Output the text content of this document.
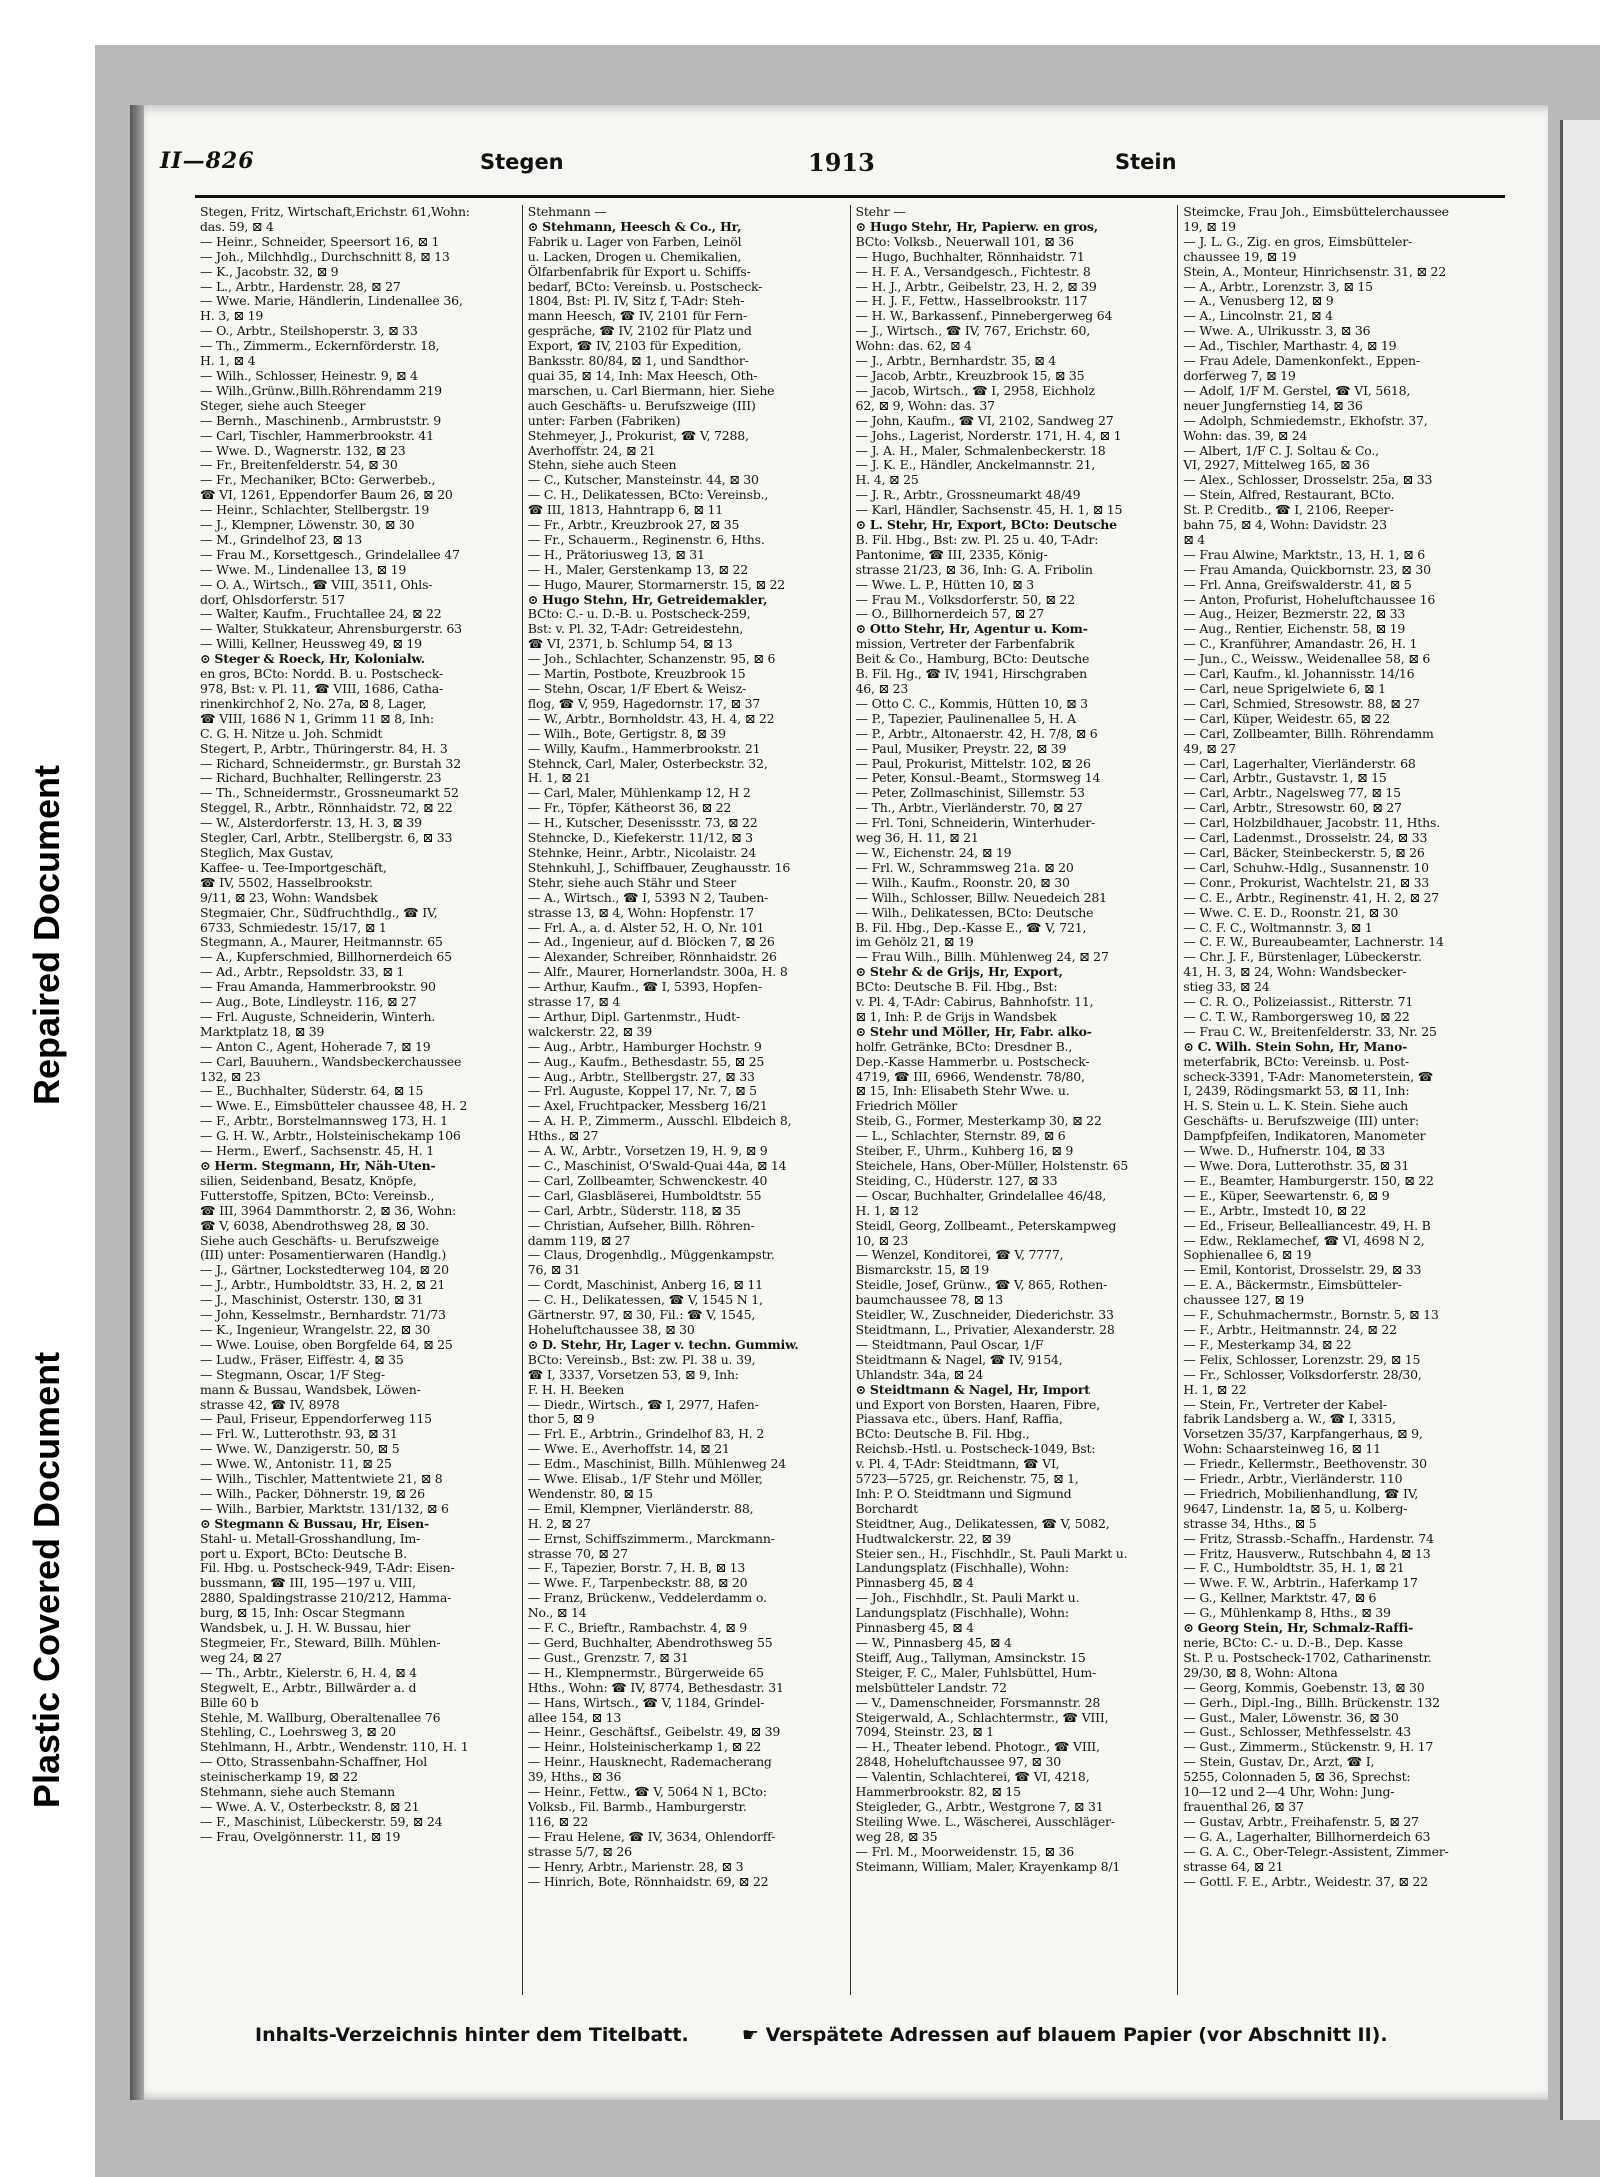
Repaired Document
Plastic Covered Document
II—826	Stegen	1913	Stein
Stegen, Fritz, Wirtschaft,Erichstr. 61,Wohn:
das. 59, ⊠ 4
— Heinr., Schneider, Speersort 16, ⊠ 1
— Joh., Milchhdlg., Durchschnitt 8, ⊠ 13
— K., Jacobstr. 32, ⊠ 9
— L., Arbtr., Hardenstr. 28, ⊠ 27
— Wwe. Marie, Händlerin, Lindenallee 36,
H. 3, ⊠ 19
— O., Arbtr., Steilshoperstr. 3, ⊠ 33
— Th., Zimmerm., Eckernförderstr. 18,
H. 1, ⊠ 4
— Wilh., Schlosser, Heinestr. 9, ⊠ 4
— Wilh.,Grünw.,Billh.Röhrendamm 219
Steger, siehe auch Steeger
— Bernh., Maschinenb., Armbruststr. 9
— Carl, Tischler, Hammerbrookstr. 41
— Wwe. D., Wagnerstr. 132, ⊠ 23
— Fr., Breitenfelderstr. 54, ⊠ 30
— Fr., Mechaniker, BCto: Gerwerbeb.,
☎ VI, 1261, Eppendorfer Baum 26, ⊠ 20
— Heinr., Schlachter, Stellbergstr. 19
— J., Klempner, Löwenstr. 30, ⊠ 30
— M., Grindelhof 23, ⊠ 13
— Frau M., Korsettgesch., Grindelallee 47
— Wwe. M., Lindenallee 13, ⊠ 19
— O. A., Wirtsch., ☎ VIII, 3511, Ohls-
dorf, Ohlsdorferstr. 517
— Walter, Kaufm., Fruchtallee 24, ⊠ 22
— Walter, Stukkateur, Ahrensburgerstr. 63
— Willi, Kellner, Heussweg 49, ⊠ 19
⊙ Steger & Roeck, Hr, Kolonialw.
en gros, BCto: Nordd. B. u. Postscheck-
978, Bst: v. Pl. 11, ☎ VIII, 1686, Catha-
rinenkirchhof 2, No. 27a, ⊠ 8, Lager,
☎ VIII, 1686 N 1, Grimm 11 ⊠ 8, Inh:
C. G. H. Nitze u. Joh. Schmidt
Stegert, P., Arbtr., Thüringerstr. 84, H. 3
— Richard, Schneidermstr., gr. Burstah 32
— Richard, Buchhalter, Rellingerstr. 23
— Th., Schneidermstr., Grossneumarkt 52
Steggel, R., Arbtr., Rönnhaidstr. 72, ⊠ 22
— W., Alsterdorferstr. 13, H. 3, ⊠ 39
Stegler, Carl, Arbtr., Stellbergstr. 6, ⊠ 33
Steglich, Max Gustav,
Kaffee- u. Tee-Importgeschäft,
☎ IV, 5502, Hasselbrookstr.
9/11, ⊠ 23, Wohn: Wandsbek
Stegmaier, Chr., Südfruchthdlg., ☎ IV,
6733, Schmiedestr. 15/17, ⊠ 1
Stegmann, A., Maurer, Heitmannstr. 65
— A., Kupferschmied, Billhornerdeich 65
— Ad., Arbtr., Repsoldstr. 33, ⊠ 1
— Frau Amanda, Hammerbrookstr. 90
— Aug., Bote, Lindleystr. 116, ⊠ 27
— Frl. Auguste, Schneiderin, Winterh.
Marktplatz 18, ⊠ 39
— Anton C., Agent, Hoherade 7, ⊠ 19
— Carl, Bauuhern., Wandsbeckerchaussee
132, ⊠ 23
— E., Buchhalter, Süderstr. 64, ⊠ 15
— Wwe. E., Eimsbütteler chaussee 48, H. 2
— F., Arbtr., Borstelmannsweg 173, H. 1
— G. H. W., Arbtr., Holsteinischekamp 106
— Herm., Ewerf., Sachsenstr. 45, H. 1
⊙ Herm. Stegmann, Hr, Näh-Uten-
silien, Seidenband, Besatz, Knöpfe,
Futterstoffe, Spitzen, BCto: Vereinsb.,
☎ III, 3964 Dammthorstr. 2, ⊠ 36, Wohn:
☎ V, 6038, Abendrothsweg 28, ⊠ 30.
Siehe auch Geschäfts- u. Berufszweige
(III) unter: Posamentierwaren (Handlg.)
— J., Gärtner, Lockstedterweg 104, ⊠ 20
— J., Arbtr., Humboldtstr. 33, H. 2, ⊠ 21
— J., Maschinist, Osterstr. 130, ⊠ 31
— John, Kesselmstr., Bernhardstr. 71/73
— K., Ingenieur, Wrangelstr. 22, ⊠ 30
— Wwe. Louise, oben Borgfelde 64, ⊠ 25
— Ludw., Fräser, Eiffestr. 4, ⊠ 35
— Stegmann, Oscar, 1/F Steg-
mann & Bussau, Wandsbek, Löwen-
strasse 42, ☎ IV, 8978
— Paul, Friseur, Eppendorferweg 115
— Frl. W., Lutterothstr. 93, ⊠ 31
— Wwe. W., Danzigerstr. 50, ⊠ 5
— Wwe. W., Antonistr. 11, ⊠ 25
— Wilh., Tischler, Mattentwiete 21, ⊠ 8
— Wilh., Packer, Döhnerstr. 19, ⊠ 26
— Wilh., Barbier, Marktstr. 131/132, ⊠ 6
⊙ Stegmann & Bussau, Hr, Eisen-
Stahl- u. Metall-Grosshandlung, Im-
port u. Export, BCto: Deutsche B.
Fil. Hbg. u. Postscheck-949, T-Adr: Eisen-
bussmann, ☎ III, 195—197 u. VIII,
2880, Spaldingstrasse 210/212, Hamma-
burg, ⊠ 15, Inh: Oscar Stegmann
Wandsbek, u. J. H. W. Bussau, hier
Stegmeier, Fr., Steward, Billh. Mühlen-
weg 24, ⊠ 27
— Th., Arbtr., Kielerstr. 6, H. 4, ⊠ 4
Stegwelt, E., Arbtr., Billwärder a. d
Bille 60 b
Stehle, M. Wallburg, Oberaltenallee 76
Stehling, C., Loehrsweg 3, ⊠ 20
Stehlmann, H., Arbtr., Wendenstr. 110, H. 1
— Otto, Strassenbahn-Schaffner, Hol
steinischerkamp 19, ⊠ 22
Stehmann, siehe auch Stemann
— Wwe. A. V., Osterbeckstr. 8, ⊠ 21
— F., Maschinist, Lübeckerstr. 59, ⊠ 24
— Frau, Ovelgönnerstr. 11, ⊠ 19
Stehmann —
⊙ Stehmann, Heesch & Co., Hr,
Fabrik u. Lager von Farben, Leinöl
u. Lacken, Drogen u. Chemikalien,
Ölfarbenfabrik für Export u. Schiffs-
bedarf, BCto: Vereinsb. u. Postscheck-
1804, Bst: Pl. IV, Sitz f, T-Adr: Steh-
mann Heesch, ☎ IV, 2101 für Fern-
gespräche, ☎ IV, 2102 für Platz und
Export, ☎ IV, 2103 für Expedition,
Banksstr. 80/84, ⊠ 1, und Sandthor-
quai 35, ⊠ 14, Inh: Max Heesch, Oth-
marschen, u. Carl Biermann, hier. Siehe
auch Geschäfts- u. Berufszweige (III)
unter: Farben (Fabriken)
Stehmeyer, J., Prokurist, ☎ V, 7288,
Averhoffstr. 24, ⊠ 21
Stehn, siehe auch Steen
— C., Kutscher, Mansteinstr. 44, ⊠ 30
— C. H., Delikatessen, BCto: Vereinsb.,
☎ III, 1813, Hahntrapp 6, ⊠ 11
— Fr., Arbtr., Kreuzbrook 27, ⊠ 35
— Fr., Schauerm., Reginenstr. 6, Hths.
— H., Prätoriusweg 13, ⊠ 31
— H., Maler, Gerstenkamp 13, ⊠ 22
— Hugo, Maurer, Stormarnerstr. 15, ⊠ 22
⊙ Hugo Stehn, Hr, Getreidemakler,
BCto: C.- u. D.-B. u. Postscheck-259,
Bst: v. Pl. 32, T-Adr: Getreidestehn,
☎ VI, 2371, b. Schlump 54, ⊠ 13
— Joh., Schlachter, Schanzenstr. 95, ⊠ 6
— Martin, Postbote, Kreuzbrook 15
— Stehn, Oscar, 1/F Ebert & Weisz-
flog, ☎ V, 959, Hagedornstr. 17, ⊠ 37
— W., Arbtr., Bornholdstr. 43, H. 4, ⊠ 22
— Wilh., Bote, Gertigstr. 8, ⊠ 39
— Willy, Kaufm., Hammerbrookstr. 21
Stehnck, Carl, Maler, Osterbeckstr. 32,
H. 1, ⊠ 21
— Carl, Maler, Mühlenkamp 12, H 2
— Fr., Töpfer, Kätheorst 36, ⊠ 22
— H., Kutscher, Desenissstr. 73, ⊠ 22
Stehncke, D., Kiefekerstr. 11/12, ⊠ 3
Stehnke, Heinr., Arbtr., Nicolaistr. 24
Stehnkuhl, J., Schiffbauer, Zeughausstr. 16
Stehr, siehe auch Stähr und Steer
— A., Wirtsch., ☎ I, 5393 N 2, Tauben-
strasse 13, ⊠ 4, Wohn: Hopfenstr. 17
— Frl. A., a. d. Alster 52, H. O, Nr. 101
— Ad., Ingenieur, auf d. Blöcken 7, ⊠ 26
— Alexander, Schreiber, Rönnhaidstr. 26
— Alfr., Maurer, Hornerlandstr. 300a, H. 8
— Arthur, Kaufm., ☎ I, 5393, Hopfen-
strasse 17, ⊠ 4
— Arthur, Dipl. Gartenmstr., Hudt-
walckerstr. 22, ⊠ 39
— Aug., Arbtr., Hamburger Hochstr. 9
— Aug., Kaufm., Bethesdastr. 55, ⊠ 25
— Aug., Arbtr., Stellbergstr. 27, ⊠ 33
— Frl. Auguste, Koppel 17, Nr. 7, ⊠ 5
— Axel, Fruchtpacker, Messberg 16/21
— A. H. P., Zimmerm., Ausschl. Elbdeich 8,
Hths., ⊠ 27
— A. W., Arbtr., Vorsetzen 19, H. 9, ⊠ 9
— C., Maschinist, O'Swald-Quai 44a, ⊠ 14
— Carl, Zollbeamter, Schwenckestr. 40
— Carl, Glasbläserei, Humboldtstr. 55
— Carl, Arbtr., Süderstr. 118, ⊠ 35
— Christian, Aufseher, Billh. Röhren-
damm 119, ⊠ 27
— Claus, Drogenhdlg., Müggenkampstr.
76, ⊠ 31
— Cordt, Maschinist, Anberg 16, ⊠ 11
— C. H., Delikatessen, ☎ V, 1545 N 1,
Gärtnerstr. 97, ⊠ 30, Fil.: ☎ V, 1545,
Hoheluftchaussee 38, ⊠ 30
⊙ D. Stehr, Hr, Lager v. techn. Gummiw.
BCto: Vereinsb., Bst: zw. Pl. 38 u. 39,
☎ I, 3337, Vorsetzen 53, ⊠ 9, Inh:
F. H. H. Beeken
— Diedr., Wirtsch., ☎ I, 2977, Hafen-
thor 5, ⊠ 9
— Frl. E., Arbtrin., Grindelhof 83, H. 2
— Wwe. E., Averhoffstr. 14, ⊠ 21
— Edm., Maschinist, Billh. Mühlenweg 24
— Wwe. Elisab., 1/F Stehr und Möller,
Wendenstr. 80, ⊠ 15
— Emil, Klempner, Vierländerstr. 88,
H. 2, ⊠ 27
— Ernst, Schiffszimmerm., Marckmann-
strasse 70, ⊠ 27
— F., Tapezier, Borstr. 7, H. B, ⊠ 13
— Wwe. F., Tarpenbeckstr. 88, ⊠ 20
— Franz, Brückenw., Veddelerdamm o.
No., ⊠ 14
— F. C., Brieftr., Rambachstr. 4, ⊠ 9
— Gerd, Buchhalter, Abendrothsweg 55
— Gust., Grenzstr. 7, ⊠ 31
— H., Klempnermstr., Bürgerweide 65
Hths., Wohn: ☎ IV, 8774, Bethesdastr. 31
— Hans, Wirtsch., ☎ V, 1184, Grindel-
allee 154, ⊠ 13
— Heinr., Geschäftsf., Geibelstr. 49, ⊠ 39
— Heinr., Holsteinischerkamp 1, ⊠ 22
— Heinr., Hausknecht, Rademacherang
39, Hths., ⊠ 36
— Heinr., Fettw., ☎ V, 5064 N 1, BCto:
Volksb., Fil. Barmb., Hamburgerstr.
116, ⊠ 22
— Frau Helene, ☎ IV, 3634, Ohlendorff-
strasse 5/7, ⊠ 26
— Henry, Arbtr., Marienstr. 28, ⊠ 3
— Hinrich, Bote, Rönnhaidstr. 69, ⊠ 22
Stehr —
⊙ Hugo Stehr, Hr, Papierw. en gros,
BCto: Volksb., Neuerwall 101, ⊠ 36
— Hugo, Buchhalter, Rönnhaidstr. 71
— H. F. A., Versandgesch., Fichtestr. 8
— H. J., Arbtr., Geibelstr. 23, H. 2, ⊠ 39
— H. J. F., Fettw., Hasselbrookstr. 117
— H. W., Barkassenf., Pinnebergerweg 64
— J., Wirtsch., ☎ IV, 767, Erichstr. 60,
Wohn: das. 62, ⊠ 4
— J., Arbtr., Bernhardstr. 35, ⊠ 4
— Jacob, Arbtr., Kreuzbrook 15, ⊠ 35
— Jacob, Wirtsch., ☎ I, 2958, Eichholz
62, ⊠ 9, Wohn: das. 37
— John, Kaufm., ☎ VI, 2102, Sandweg 27
— Johs., Lagerist, Norderstr. 171, H. 4, ⊠ 1
— J. A. H., Maler, Schmalenbeckerstr. 18
— J. K. E., Händler, Anckelmannstr. 21,
H. 4, ⊠ 25
— J. R., Arbtr., Grossneumarkt 48/49
— Karl, Händler, Sachsenstr. 45, H. 1, ⊠ 15
⊙ L. Stehr, Hr, Export, BCto: Deutsche
B. Fil. Hbg., Bst: zw. Pl. 25 u. 40, T-Adr:
Pantonime, ☎ III, 2335, König-
strasse 21/23, ⊠ 36, Inh: G. A. Fribolin
— Wwe. L. P., Hütten 10, ⊠ 3
— Frau M., Volksdorferstr. 50, ⊠ 22
— O., Billhornerdeich 57, ⊠ 27
⊙ Otto Stehr, Hr, Agentur u. Kom-
mission, Vertreter der Farbenfabrik
Beit & Co., Hamburg, BCto: Deutsche
B. Fil. Hg., ☎ IV, 1941, Hirschgraben
46, ⊠ 23
— Otto C. C., Kommis, Hütten 10, ⊠ 3
— P., Tapezier, Paulinenallee 5, H. A
— P., Arbtr., Altonaerstr. 42, H. 7/8, ⊠ 6
— Paul, Musiker, Preystr. 22, ⊠ 39
— Paul, Prokurist, Mittelstr. 102, ⊠ 26
— Peter, Konsul.-Beamt., Stormsweg 14
— Peter, Zollmaschinist, Sillemstr. 53
— Th., Arbtr., Vierländerstr. 70, ⊠ 27
— Frl. Toni, Schneiderin, Winterhuder-
weg 36, H. 11, ⊠ 21
— W., Eichenstr. 24, ⊠ 19
— Frl. W., Schrammsweg 21a. ⊠ 20
— Wilh., Kaufm., Roonstr. 20, ⊠ 30
— Wilh., Schlosser, Billw. Neuedeich 281
— Wilh., Delikatessen, BCto: Deutsche
B. Fil. Hbg., Dep.-Kasse E., ☎ V, 721,
im Gehölz 21, ⊠ 19
— Frau Wilh., Billh. Mühlenweg 24, ⊠ 27
⊙ Stehr & de Grijs, Hr, Export,
BCto: Deutsche B. Fil. Hbg., Bst:
v. Pl. 4, T-Adr: Cabirus, Bahnhofstr. 11,
⊠ 1, Inh: P. de Grijs in Wandsbek
⊙ Stehr und Möller, Hr, Fabr. alko-
holfr. Getränke, BCto: Dresdner B.,
Dep.-Kasse Hammerbr. u. Postscheck-
4719, ☎ III, 6966, Wendenstr. 78/80,
⊠ 15, Inh: Elisabeth Stehr Wwe. u.
Friedrich Möller
Steib, G., Former, Mesterkamp 30, ⊠ 22
— L., Schlachter, Sternstr. 89, ⊠ 6
Steiber, F., Uhrm., Kuhberg 16, ⊠ 9
Steichele, Hans, Ober-Müller, Holstenstr. 65
Steiding, C., Hüderstr. 127, ⊠ 33
— Oscar, Buchhalter, Grindelallee 46/48,
H. 1, ⊠ 12
Steidl, Georg, Zollbeamt., Peterskampweg
10, ⊠ 23
— Wenzel, Konditorei, ☎ V, 7777,
Bismarckstr. 15, ⊠ 19
Steidle, Josef, Grünw., ☎ V, 865, Rothen-
baumchaussee 78, ⊠ 13
Steidler, W., Zuschneider, Diederichstr. 33
Steidtmann, L., Privatier, Alexanderstr. 28
— Steidtmann, Paul Oscar, 1/F
Steidtmann & Nagel, ☎ IV, 9154,
Uhlandstr. 34a, ⊠ 24
⊙ Steidtmann & Nagel, Hr, Import
und Export von Borsten, Haaren, Fibre,
Piassava etc., übers. Hanf, Raffia,
BCto: Deutsche B. Fil. Hbg.,
Reichsb.-Hstl. u. Postscheck-1049, Bst:
v. Pl. 4, T-Adr: Steidtmann, ☎ VI,
5723—5725, gr. Reichenstr. 75, ⊠ 1,
Inh: P. O. Steidtmann und Sigmund
Borchardt
Steidtner, Aug., Delikatessen, ☎ V, 5082,
Hudtwalckerstr. 22, ⊠ 39
Steier sen., H., Fischhdlr., St. Pauli Markt u.
Landungsplatz (Fischhalle), Wohn:
Pinnasberg 45, ⊠ 4
— Joh., Fischhdlr., St. Pauli Markt u.
Landungsplatz (Fischhalle), Wohn:
Pinnasberg 45, ⊠ 4
— W., Pinnasberg 45, ⊠ 4
Steiff, Aug., Tallyman, Amsinckstr. 15
Steiger, F. C., Maler, Fuhlsbüttel, Hum-
melsbütteler Landstr. 72
— V., Damenschneider, Forsmannstr. 28
Steigerwald, A., Schlachtermstr., ☎ VIII,
7094, Steinstr. 23, ⊠ 1
— H., Theater lebend. Photogr., ☎ VIII,
2848, Hoheluftchaussee 97, ⊠ 30
— Valentin, Schlachterei, ☎ VI, 4218,
Hammerbrookstr. 82, ⊠ 15
Steigleder, G., Arbtr., Westgrone 7, ⊠ 31
Steiling Wwe. L., Wäscherei, Ausschläger-
weg 28, ⊠ 35
— Frl. M., Moorweidenstr. 15, ⊠ 36
Steimann, William, Maler, Krayenkamp 8/1
Steimcke, Frau Joh., Eimsbüttelerchaussee
19, ⊠ 19
— J. L. G., Zig. en gros, Eimsbütteler-
chaussee 19, ⊠ 19
Stein, A., Monteur, Hinrichsenstr. 31, ⊠ 22
— A., Arbtr., Lorenzstr. 3, ⊠ 15
— A., Venusberg 12, ⊠ 9
— A., Lincolnstr. 21, ⊠ 4
— Wwe. A., Ulrikusstr. 3, ⊠ 36
— Ad., Tischler, Marthastr. 4, ⊠ 19
— Frau Adele, Damenkonfekt., Eppen-
dorferweg 7, ⊠ 19
— Adolf, 1/F M. Gerstel, ☎ VI, 5618,
neuer Jungfernstieg 14, ⊠ 36
— Adolph, Schmiedemstr., Ekhofstr. 37,
Wohn: das. 39, ⊠ 24
— Albert, 1/F C. J. Soltau & Co.,
VI, 2927, Mittelweg 165, ⊠ 36
— Alex., Schlosser, Drosselstr. 25a, ⊠ 33
— Stein, Alfred, Restaurant, BCto.
St. P. Creditb., ☎ I, 2106, Reeper-
bahn 75, ⊠ 4, Wohn: Davidstr. 23
⊠ 4
— Frau Alwine, Marktstr., 13, H. 1, ⊠ 6
— Frau Amanda, Quickbornstr. 23, ⊠ 30
— Frl. Anna, Greifswalderstr. 41, ⊠ 5
— Anton, Profurist, Hoheluftchaussee 16
— Aug., Heizer, Bezmerstr. 22, ⊠ 33
— Aug., Rentier, Eichenstr. 58, ⊠ 19
— C., Kranführer, Amandastr. 26, H. 1
— Jun., C., Weissw., Weidenallee 58, ⊠ 6
— Carl, Kaufm., kl. Johannisstr. 14/16
— Carl, neue Sprigelwiete 6, ⊠ 1
— Carl, Schmied, Stresowstr. 88, ⊠ 27
— Carl, Küper, Weidestr. 65, ⊠ 22
— Carl, Zollbeamter, Billh. Röhrendamm
49, ⊠ 27
— Carl, Lagerhalter, Vierländerstr. 68
— Carl, Arbtr., Gustavstr. 1, ⊠ 15
— Carl, Arbtr., Nagelsweg 77, ⊠ 15
— Carl, Arbtr., Stresowstr. 60, ⊠ 27
— Carl, Holzbildhauer, Jacobstr. 11, Hths.
— Carl, Ladenmst., Drosselstr. 24, ⊠ 33
— Carl, Bäcker, Steinbeckerstr. 5, ⊠ 26
— Carl, Schuhw.-Hdlg., Susannenstr. 10
— Conr., Prokurist, Wachtelstr. 21, ⊠ 33
— C. E., Arbtr., Reginenstr. 41, H. 2, ⊠ 27
— Wwe. C. E. D., Roonstr. 21, ⊠ 30
— C. F. C., Woltmannstr. 3, ⊠ 1
— C. F. W., Bureaubeamter, Lachnerstr. 14
— Chr. J. F., Bürstenlager, Lübeckerstr.
41, H. 3, ⊠ 24, Wohn: Wandsbecker-
stieg 33, ⊠ 24
— C. R. O., Polizeiassist., Ritterstr. 71
— C. T. W., Ramborgersweg 10, ⊠ 22
— Frau C. W., Breitenfelderstr. 33, Nr. 25
⊙ C. Wilh. Stein Sohn, Hr, Mano-
meterfabrik, BCto: Vereinsb. u. Post-
scheck-3391, T-Adr: Manometerstein, ☎
I, 2439, Rödingsmarkt 53, ⊠ 11, Inh:
H. S. Stein u. L. K. Stein. Siehe auch
Geschäfts- u. Berufszweige (III) unter:
Dampfpfeifen, Indikatoren, Manometer
— Wwe. D., Hufnerstr. 104, ⊠ 33
— Wwe. Dora, Lutterothstr. 35, ⊠ 31
— E., Beamter, Hamburgerstr. 150, ⊠ 22
— E., Küper, Seewartenstr. 6, ⊠ 9
— E., Arbtr., Imstedt 10, ⊠ 22
— Ed., Friseur, Bellealliancestr. 49, H. B
— Edw., Reklamechef, ☎ VI, 4698 N 2,
Sophienallee 6, ⊠ 19
— Emil, Kontorist, Drosselstr. 29, ⊠ 33
— E. A., Bäckermstr., Eimsbütteler-
chaussee 127, ⊠ 19
— F., Schuhmachermstr., Bornstr. 5, ⊠ 13
— F., Arbtr., Heitmannstr. 24, ⊠ 22
— F., Mesterkamp 34, ⊠ 22
— Felix, Schlosser, Lorenzstr. 29, ⊠ 15
— Fr., Schlosser, Volksdorferstr. 28/30,
H. 1, ⊠ 22
— Stein, Fr., Vertreter der Kabel-
fabrik Landsberg a. W., ☎ I, 3315,
Vorsetzen 35/37, Karpfangerhaus, ⊠ 9,
Wohn: Schaarsteinweg 16, ⊠ 11
— Friedr., Kellermstr., Beethovenstr. 30
— Friedr., Arbtr., Vierländerstr. 110
— Friedrich, Mobilienhandlung, ☎ IV,
9647, Lindenstr. 1a, ⊠ 5, u. Kolberg-
strasse 34, Hths., ⊠ 5
— Fritz, Strassb.-Schaffn., Hardenstr. 74
— Fritz, Hausverw., Rutschbahn 4, ⊠ 13
— F. C., Humboldtstr. 35, H. 1, ⊠ 21
— Wwe. F. W., Arbtrin., Haferkamp 17
— G., Kellner, Marktstr. 47, ⊠ 6
— G., Mühlenkamp 8, Hths., ⊠ 39
⊙ Georg Stein, Hr, Schmalz-Raffi-
nerie, BCto: C.- u. D.-B., Dep. Kasse
St. P. u. Postscheck-1702, Catharinenstr.
29/30, ⊠ 8, Wohn: Altona
— Georg, Kommis, Goebenstr. 13, ⊠ 30
— Gerh., Dipl.-Ing., Billh. Brückenstr. 132
— Gust., Maler, Löwenstr. 36, ⊠ 30
— Gust., Schlosser, Methfesselstr. 43
— Gust., Zimmerm., Stückenstr. 9, H. 17
— Stein, Gustav, Dr., Arzt, ☎ I,
5255, Colonnaden 5, ⊠ 36, Sprechst:
10—12 und 2—4 Uhr, Wohn: Jung-
frauenthal 26, ⊠ 37
— Gustav, Arbtr., Freihafenstr. 5, ⊠ 27
— G. A., Lagerhalter, Billhornerdeich 63
— G. A. C., Ober-Telegr.-Assistent, Zimmer-
strasse 64, ⊠ 21
— Gottl. F. E., Arbtr., Weidestr. 37, ⊠ 22
Inhalts-Verzeichnis hinter dem Titelbatt.	☛ Verspätete Adressen auf blauem Papier (vor Abschnitt II).
